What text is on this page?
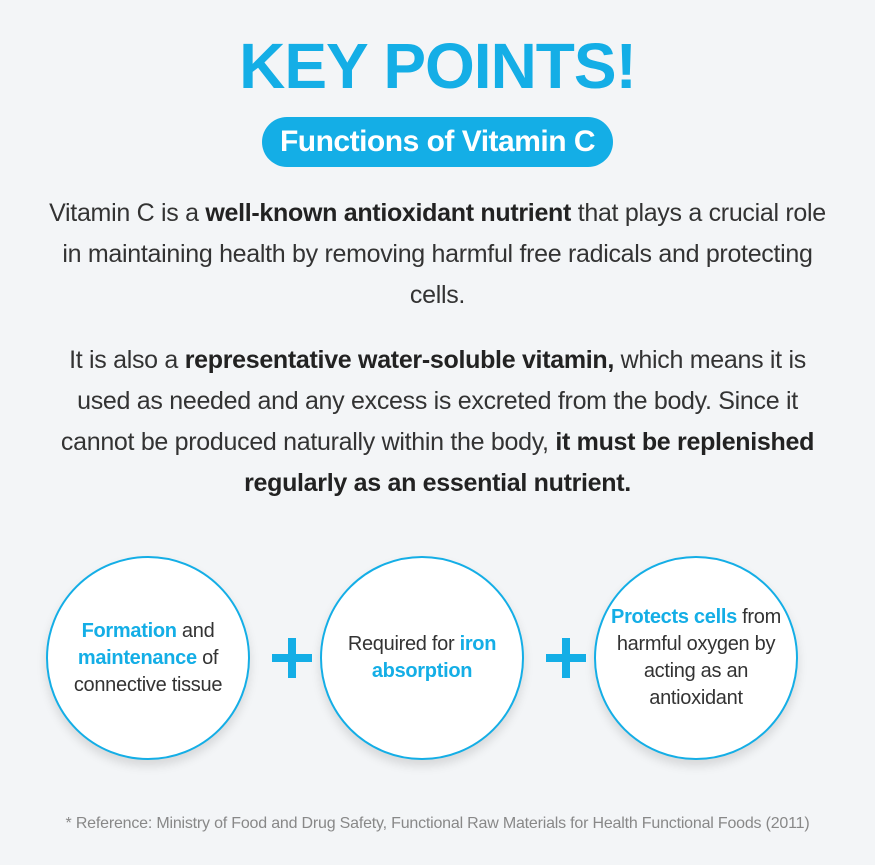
KEY POINTS!
Functions of Vitamin C
Vitamin C is a well-known antioxidant nutrient that plays a crucial role in maintaining health by removing harmful free radicals and protecting cells.
It is also a representative water-soluble vitamin, which means it is used as needed and any excess is excreted from the body. Since it cannot be produced naturally within the body, it must be replenished regularly as an essential nutrient.
Formation and maintenance of connective tissue
Required for iron absorption
Protects cells from harmful oxygen by acting as an antioxidant
* Reference: Ministry of Food and Drug Safety, Functional Raw Materials for Health Functional Foods (2011)
